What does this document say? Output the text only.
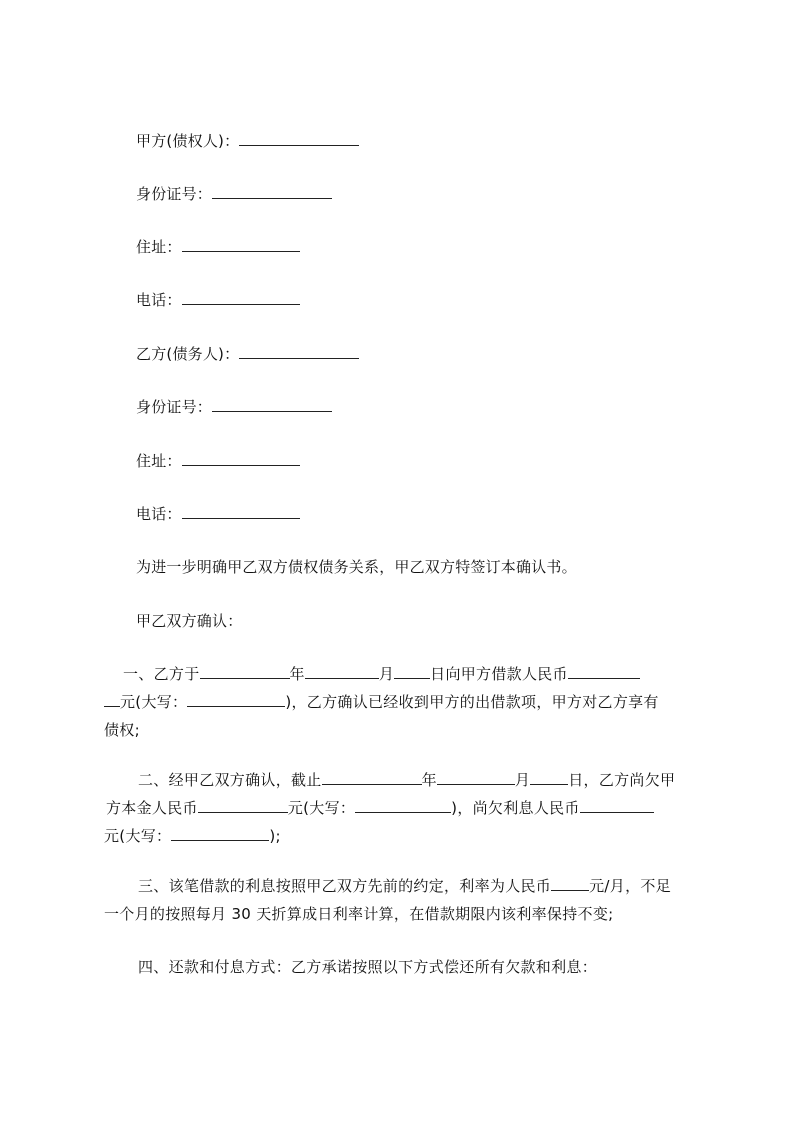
甲方(债权人)：
身份证号：
住址：
电话：
乙方(债务人)：
身份证号：
住址：
电话：
为进一步明确甲乙双方债权债务关系，甲乙双方特签订本确认书。
甲乙双方确认：
一、乙方于	年	月 日向甲方借款人民币
元(大写：	)，乙方确认已经收到甲方的出借款项，甲方对乙方享有
债权;
二、经甲乙双方确认，截止	年	月	日，乙方尚欠甲
方本金人民币	元(大写：	)，尚欠利息人民币
元(大写：	);
三、该笔借款的利息按照甲乙双方先前的约定，利率为人民币	元/月，不足
一个月的按照每月 30 天折算成日利率计算，在借款期限内该利率保持不变;
四、还款和付息方式：乙方承诺按照以下方式偿还所有欠款和利息：
